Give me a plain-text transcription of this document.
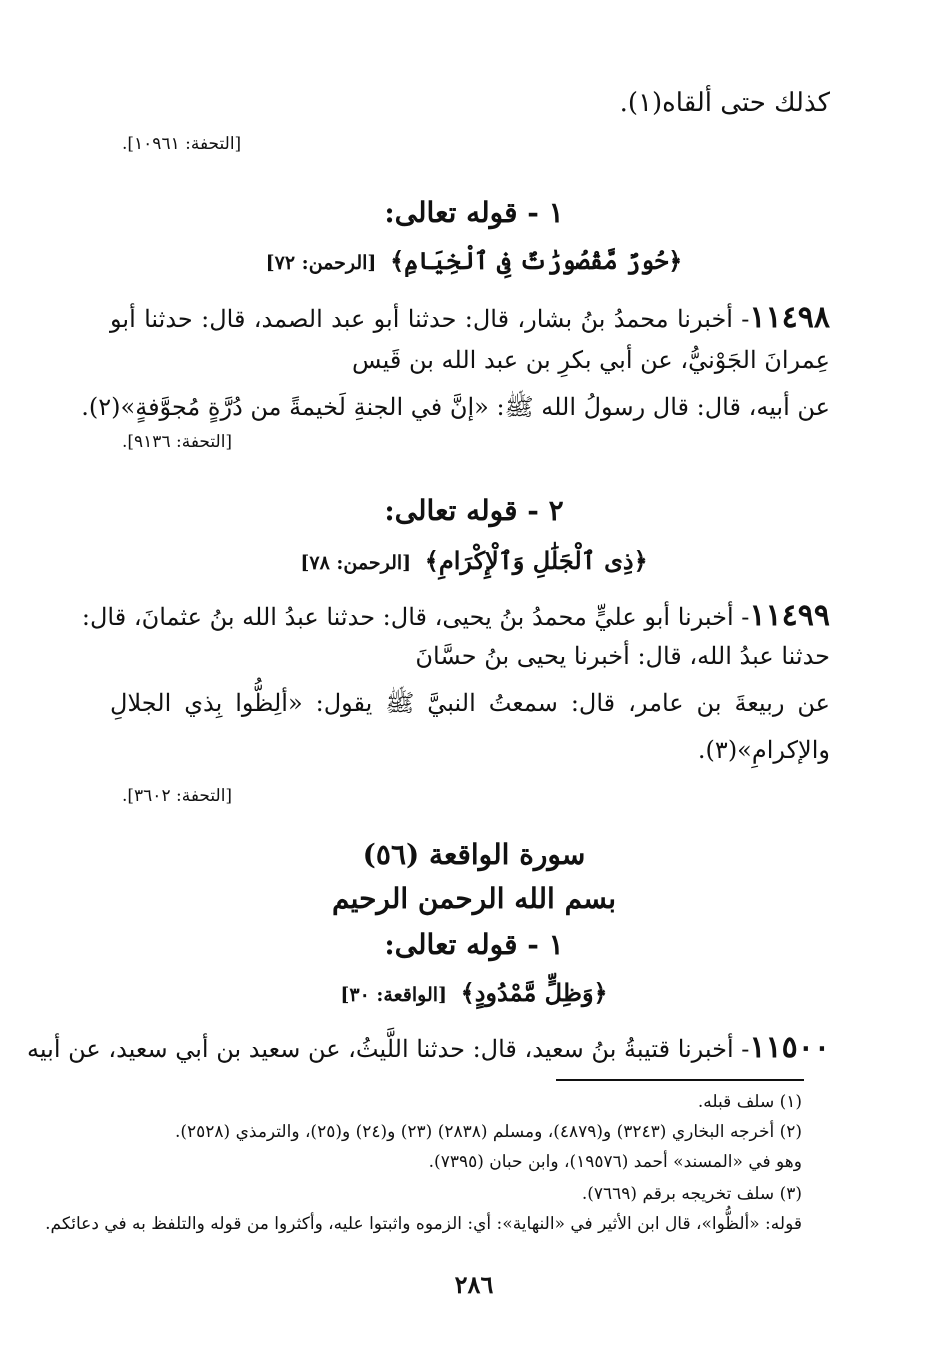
كذلك حتى ألقاه(١).
[التحفة: ١٠٩٦١].
١ - قوله تعالى:
﴿حُورٌ مَّقْصُورَٰتٌ فِى ٱلْخِيَامِ﴾ [الرحمن: ٧٢]
١١٤٩٨- أخبرنا محمدُ بنُ بشار، قال: حدثنا أبو عبد الصمد، قال: حدثنا أبو
عِمرانَ الجَوْنيُّ، عن أبي بكرِ بن عبد الله بن قَيس
عن أبيه، قال: قال رسولُ الله ﷺ: «إنَّ في الجنةِ لَخيمةً من دُرَّةٍ مُجوَّفةٍ»(٢).
[التحفة: ٩١٣٦].
٢ - قوله تعالى:
﴿ذِى ٱلْجَلَٰلِ وَٱلْإِكْرَامِ﴾ [الرحمن: ٧٨]
١١٤٩٩- أخبرنا أبو عليٍّ محمدُ بنُ يحيى، قال: حدثنا عبدُ الله بنُ عثمانَ، قال:
حدثنا عبدُ الله، قال: أخبرنا يحيى بنُ حسَّانَ
عن ربيعةَ بن عامر، قال: سمعتُ النبيَّ ﷺ يقول: «ألِظُّوا بِذي الجلالِ
والإكرامِ»(٣).
[التحفة: ٣٦٠٢].
سورة الواقعة (٥٦)
بسم الله الرحمن الرحيم
١ - قوله تعالى:
﴿وَظِلٍّ مَّمْدُودٍ﴾ [الواقعة: ٣٠]
١١٥٠٠- أخبرنا قتيبةُ بنُ سعيد، قال: حدثنا اللَّيثُ، عن سعيد بن أبي سعيد، عن أبيه
(١) سلف قبله.
(٢) أخرجه البخاري (٣٢٤٣) و(٤٨٧٩)، ومسلم (٢٨٣٨) (٢٣) و(٢٤) و(٢٥)، والترمذي (٢٥٢٨).
وهو في «المسند» أحمد (١٩٥٧٦)، وابن حبان (٧٣٩٥).
(٣) سلف تخريجه برقم (٧٦٦٩).
قوله: «ألظُّوا»، قال ابن الأثير في «النهاية»: أي: الزموه واثبتوا عليه، وأكثروا من قوله والتلفظ به في دعائكم.
٢٨٦
